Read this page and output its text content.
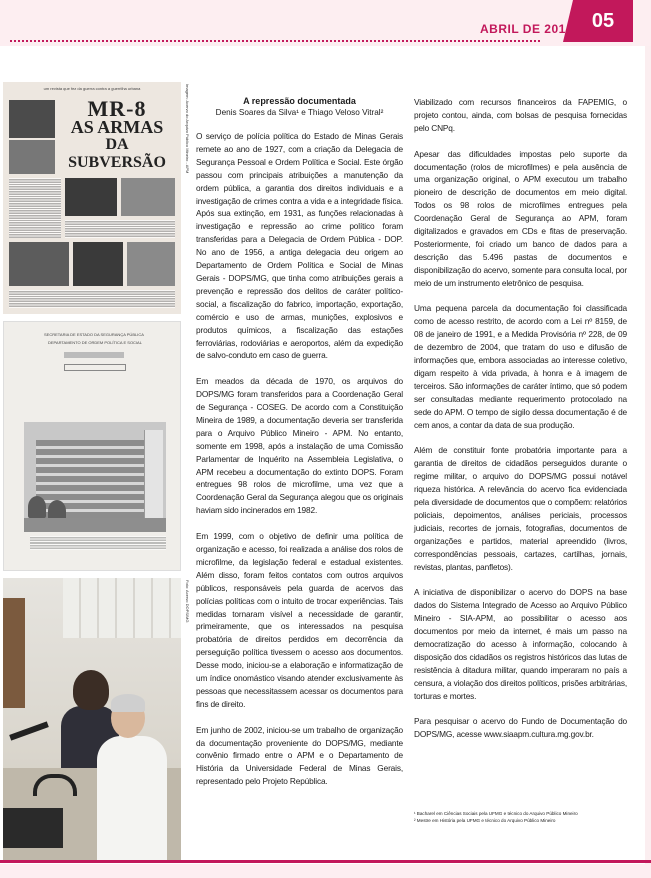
ABRIL DE 2014 05
um revista que fez da guerra contra a guerrilha urbana
MR-8
AS ARMAS
DA SUBVERSÃO	Imagem: Acervo do Arquivo Público Mineiro - APM
SECRETARIA DE ESTADO DA SEGURANÇA PÚBLICA
DEPARTAMENTO DE ORDEM POLÍTICA E SOCIAL
Foto: Acervo DOPS/MG
A repressão documentada
Denis Soares da Silva¹ e Thiago Veloso Vitral²

O serviço de polícia política do Estado de Minas Gerais remete ao ano de 1927, com a criação da Delegacia de Segurança Pessoal e Ordem Política e Social. Este órgão passou com principais atribuições a manutenção da ordem pública, a garantia dos direitos individuais e a investigação de crimes contra a vida e a integridade física. Após sua extinção, em 1931, as funções relacionadas à investigação e repressão ao crime político foram transferidas para a Delegacia de Ordem Pública - DOP. No ano de 1956, a antiga delegacia deu origem ao Departamento de Ordem Política e Social de Minas Gerais - DOPS/MG, que tinha como atribuições gerais a prevenção e repressão dos delitos de caráter político-social, a fiscalização do fabrico, importação, exportação, comércio e uso de armas, munições, explosivos e produtos químicos, a fiscalização das estações ferroviárias, rodoviárias e aeroportos, além da expedição de salvo-conduto em caso de guerra.

Em meados da década de 1970, os arquivos do DOPS/MG foram transferidos para a Coordenação Geral de Segurança - COSEG. De acordo com a Constituição Mineira de 1989, a documentação deveria ser transferida para o Arquivo Público Mineiro - APM. No entanto, somente em 1998, após a instalação de uma Comissão Parlamentar de Inquérito na Assembleia Legislativa, o APM recebeu a documentação do extinto DOPS. Foram entregues 98 rolos de microfilme, uma vez que a Coordenação Geral da Segurança alegou que os originais haviam sido incinerados em 1982.

Em 1999, com o objetivo de definir uma política de organização e acesso, foi realizada a análise dos rolos de microfilme, da legislação federal e estadual existentes. Além disso, foram feitos contatos com outros arquivos públicos, responsáveis pela guarda de acervos das polícias políticas com o intuito de trocar experiências. Tais medidas tornaram visível a necessidade de garantir, primeiramente, que os interessados na pesquisa probatória de direitos perdidos em decorrência da perseguição política tivessem o acesso aos documentos. Desse modo, iniciou-se a elaboração e informatização de um índice onomástico visando atender exclusivamente às pessoas que necessitassem acessar os documentos para fins de direito.

Em junho de 2002, iniciou-se um trabalho de organização da documentação proveniente do DOPS/MG, mediante convênio firmado entre o APM e o Departamento de História da Universidade Federal de Minas Gerais, representado pelo Projeto República.

Viabilizado com recursos financeiros da FAPEMIG, o projeto contou, ainda, com bolsas de pesquisa fornecidas pelo CNPq.

Apesar das dificuldades impostas pelo suporte da documentação (rolos de microfilmes) e pela ausência de uma organização original, o APM executou um trabalho pioneiro de descrição de documentos em meio digital. Todos os 98 rolos de microfilmes entregues pela Coordenação Geral de Segurança ao APM, foram digitalizados e gravados em CDs e fitas de preservação. Posteriormente, foi criado um banco de dados para a descrição das 5.496 pastas de documentos e disponibilização do acervo, somente para consulta local, por meio de um instrumento eletrônico de pesquisa.

Uma pequena parcela da documentação foi classificada como de acesso restrito, de acordo com a Lei nº 8159, de 08 de janeiro de 1991, e a Medida Provisória nº 228, de 09 de dezembro de 2004, que tratam do uso e difusão de informações que, embora associadas ao interesse coletivo, digam respeito à vida privada, à honra e à imagem de terceiros. São informações de caráter íntimo, que só podem ser consultadas mediante requerimento protocolado na sede do APM. O tempo de sigilo dessa documentação é de cem anos, a contar da data de sua produção.

Além de constituir fonte probatória importante para a garantia de direitos de cidadãos perseguidos durante o regime militar, o arquivo do DOPS/MG possui notável riqueza histórica. A relevância do acervo fica evidenciada pela diversidade de documentos que o compõem: relatórios policiais, depoimentos, análises periciais, processos judiciais, recortes de jornais, fotografias, documentos de organizações e partidos, material apreendido (livros, correspondências pessoais, cartazes, cartilhas, jornais, revistas, plantas, panfletos).

A iniciativa de disponibilizar o acervo do DOPS na base dados do Sistema Integrado de Acesso ao Arquivo Público Mineiro - SIA-APM, ao possibilitar o acesso aos documentos por meio da internet, é mais um passo na democratização do acesso à informação, colocando à disposição dos cidadãos os registros históricos das lutas de resistência à ditadura militar, quando imperaram no país a censura, a violação dos direitos políticos, prisões arbitrárias, torturas e mortes.

Para pesquisar o acervo do Fundo de Documentação do DOPS/MG, acesse www.siaapm.cultura.mg.gov.br.

¹ Bacharel em Ciências Sociais pela UFMG e técnico do Arquivo Público Mineiro
² Mestre em História pela UFMG e técnico do Arquivo Público Mineiro
